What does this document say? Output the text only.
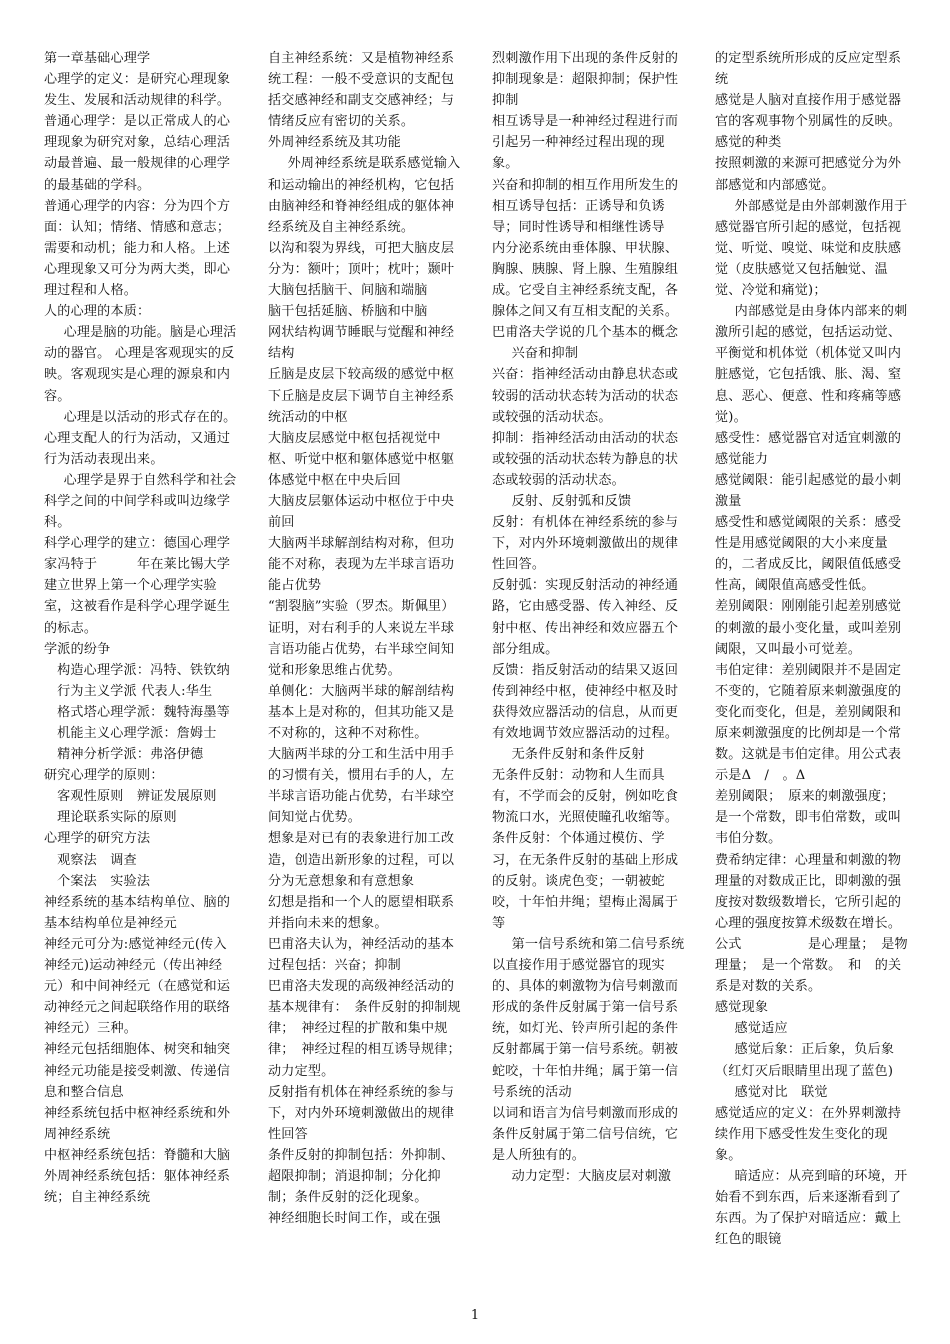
第一章基础心理学

心理学的定义：是研究心理现象发生、发展和活动规律的科学。

普通心理学：是以正常成人的心理现象为研究对象，总结心理活动最普遍、最一般规律的心理学的最基础的学科。

普通心理学的内容：分为四个方面：认知；情绪、情感和意志；需要和动机；能力和人格。上述心理现象又可分为两大类，即心理过程和人格。

人的心理的本质：

心理是脑的功能。脑是心理活动的器官。 心理是客观现实的反映。客观现实是心理的源泉和内容。

心理是以活动的形式存在的。心理支配人的行为活动，又通过行为活动表现出来。

心理学是界于自然科学和社会科学之间的中间学科或叫边缘学科。

科学心理学的建立：德国心理学家冯特于　　　年在莱比锡大学建立世界上第一个心理学实验室，这被看作是科学心理学诞生的标志。

学派的纷争

构造心理学派：冯特、铁钦纳

行为主义学派 代表人:华生

格式塔心理学派：魏特海墨等

机能主义心理学派：詹姆士

精神分析学派：弗洛伊德

研究心理学的原则：

客观性原则　辨证发展原则

理论联系实际的原则

心理学的研究方法

观察法　调查

个案法　实验法

神经系统的基本结构单位、脑的基本结构单位是神经元

神经元可分为:感觉神经元(传入神经元)运动神经元（传出神经元）和中间神经元（在感觉和运动神经元之间起联络作用的联络神经元）三种。

神经元包括细胞体、树突和轴突

神经元功能是接受刺激、传递信息和整合信息

神经系统包括中枢神经系统和外周神经系统

中枢神经系统包括：脊髓和大脑

外周神经系统包括：躯体神经系统；自主神经系统

自主神经系统：又是植物神经系统工程：一般不受意识的支配包括交感神经和副支交感神经；与情绪反应有密切的关系。

外周神经系统及其功能

外周神经系统是联系感觉输入和运动输出的神经机构，它包括由脑神经和脊神经组成的躯体神经系统及自主神经系统。

以沟和裂为界线，可把大脑皮层分为：额叶；顶叶；枕叶；颞叶

大脑包括脑干、间脑和端脑

脑干包括延脑、桥脑和中脑

网状结构调节睡眠与觉醒和神经结构

丘脑是皮层下较高级的感觉中枢

下丘脑是皮层下调节自主神经系统活动的中枢

大脑皮层感觉中枢包括视觉中枢、听觉中枢和躯体感觉中枢躯体感觉中枢在中央后回

大脑皮层躯体运动中枢位于中央前回

大脑两半球解剖结构对称，但功能不对称，表现为左半球言语功能占优势

“割裂脑”实验（罗杰。斯佩里）证明，对右利手的人来说左半球言语功能占优势，右半球空间知觉和形象思维占优势。

单侧化：大脑两半球的解剖结构基本上是对称的，但其功能又是不对称的，这种不对称性。

大脑两半球的分工和生活中用手的习惯有关，惯用右手的人，左半球言语功能占优势，右半球空间知觉占优势。

想象是对已有的表象进行加工改造，创造出新形象的过程，可以分为无意想象和有意想象

幻想是指和一个人的愿望相联系并指向未来的想象。

巴甫洛夫认为，神经活动的基本过程包括：兴奋；抑制

巴甫洛夫发现的高级神经活动的基本规律有：　条件反射的抑制规律；　神经过程的扩散和集中规律；　神经过程的相互诱导规律；　动力定型。

反射指有机体在神经系统的参与下，对内外环境刺激做出的规律性回答

条件反射的抑制包括：外抑制、超限抑制；消退抑制；分化抑制；条件反射的泛化现象。

神经细胞长时间工作，或在强

烈刺激作用下出现的条件反射的抑制现象是：超限抑制；保护性抑制

相互诱导是一种神经过程进行而引起另一种神经过程出现的现象。

兴奋和抑制的相互作用所发生的相互诱导包括：正诱导和负诱导；同时性诱导和相继性诱导

内分泌系统由垂体腺、甲状腺、胸腺、胰腺、肾上腺、生殖腺组成。它受自主神经系统支配，各腺体之间又有互相支配的关系。

巴甫洛夫学说的几个基本的概念

兴奋和抑制

兴奋：指神经活动由静息状态或较弱的活动状态转为活动的状态或较强的活动状态。

抑制：指神经活动由活动的状态或较强的活动状态转为静息的状态或较弱的活动状态。

反射、反射弧和反馈

反射：有机体在神经系统的参与下，对内外环境刺激做出的规律性回答。

反射弧：实现反射活动的神经通路，它由感受器、传入神经、反射中枢、传出神经和效应器五个部分组成。

反馈：指反射活动的结果又返回传到神经中枢，使神经中枢及时获得效应器活动的信息，从而更有效地调节效应器活动的过程。

无条件反射和条件反射

无条件反射：动物和人生而具有，不学而会的反射，例如吃食物流口水，光照使瞳孔收缩等。

条件反射：个体通过模仿、学习，在无条件反射的基础上形成的反射。谈虎色变；一朝被蛇咬，十年怕井绳；望梅止渴属于等

第一信号系统和第二信号系统

以直接作用于感觉器官的现实的、具体的刺激物为信号刺激而形成的条件反射属于第一信号系统，如灯光、铃声所引起的条件反射都属于第一信号系统。朝被蛇咬，十年怕井绳；属于第一信号系统的活动

以词和语言为信号刺激而形成的条件反射属于第二信号信统，它是人所独有的。

动力定型：大脑皮层对刺激

的定型系统所形成的反应定型系统

感觉是人脑对直接作用于感觉器官的客观事物个别属性的反映。

感觉的种类

按照刺激的来源可把感觉分为外部感觉和内部感觉。

外部感觉是由外部刺激作用于感觉器官所引起的感觉，包括视觉、听觉、嗅觉、味觉和皮肤感觉（皮肤感觉又包括触觉、温觉、冷觉和痛觉)；

内部感觉是由身体内部来的刺激所引起的感觉，包括运动觉、平衡觉和机体觉（机体觉又叫内脏感觉，它包括饿、胀、渴、窒息、恶心、便意、性和疼痛等感觉)。

感受性：感觉器官对适宜刺激的感觉能力

感觉阈限：能引起感觉的最小刺激量

感受性和感觉阈限的关系：感受性是用感觉阈限的大小来度量的，二者成反比，阈限值低感受性高，阈限值高感受性低。

差别阈限：刚刚能引起差别感觉的刺激的最小变化量，或叫差别阈限，又叫最小可觉差。

韦伯定律：差别阈限并不是固定不变的，它随着原来刺激强度的变化而变化，但是，差别阈限和原来刺激强度的比例却是一个常数。这就是韦伯定律。用公式表示是Δ　/　。Δ

差别阈限；　原来的刺激强度；　是一个常数，即韦伯常数，或叫韦伯分数。

费希纳定律：心理量和刺激的物理量的对数成正比，即刺激的强度按对数级数增长，它所引起的心理的强度按算术级数在增长。公式　　　　　是心理量；　是物理量；　是一个常数。　和　的关系是对数的关系。

感觉现象

感觉适应

感觉后象：正后象，负后象（红灯灭后眼睛里出现了蓝色)

感觉对比　联觉

感觉适应的定义：在外界刺激持续作用下感受性发生变化的现象。

暗适应：从亮到暗的环境，开始看不到东西，后来逐渐看到了东西。为了保护对暗适应：戴上红色的眼镜

1
